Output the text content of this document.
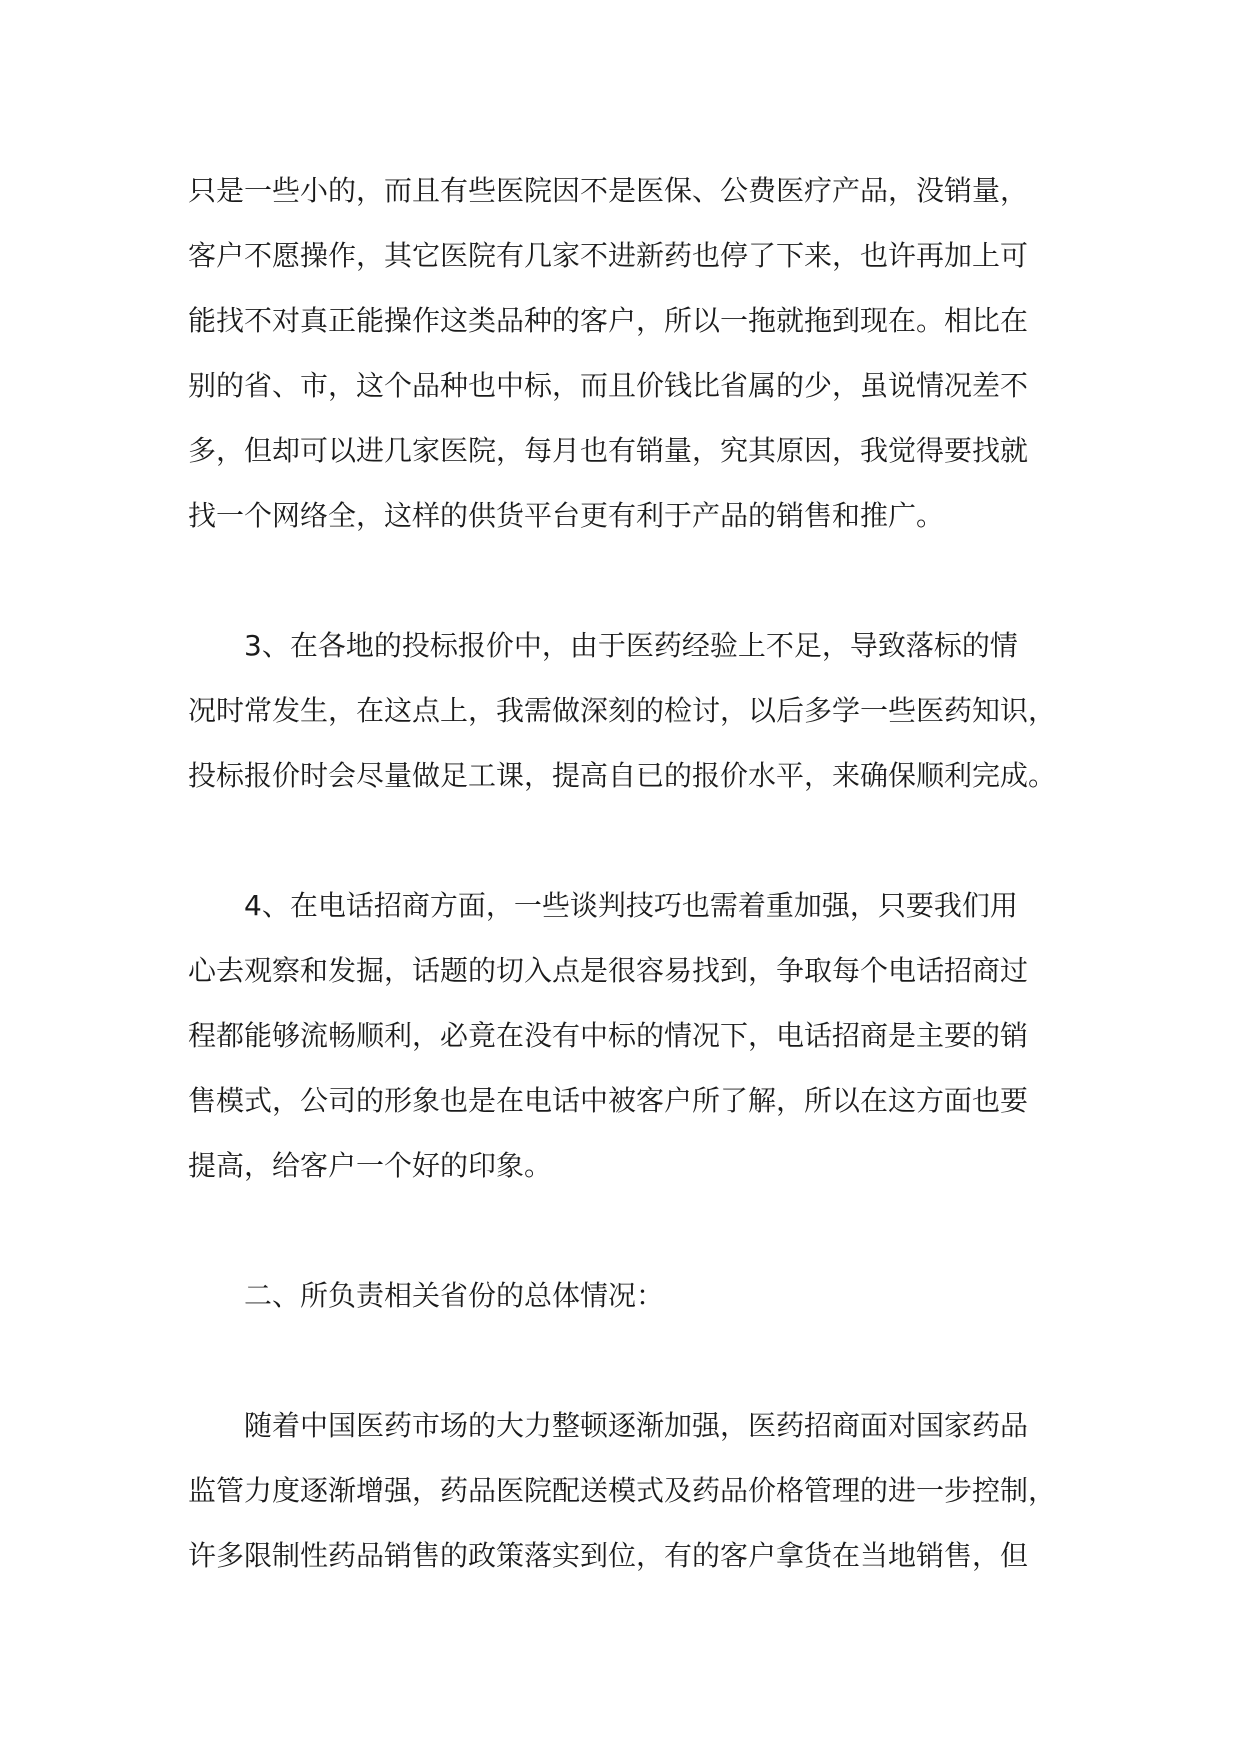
只是一些小的，而且有些医院因不是医保、公费医疗产品，没销量，
客户不愿操作，其它医院有几家不进新药也停了下来，也许再加上可
能找不对真正能操作这类品种的客户，所以一拖就拖到现在。相比在
别的省、市，这个品种也中标，而且价钱比省属的少，虽说情况差不
多，但却可以进几家医院，每月也有销量，究其原因，我觉得要找就
找一个网络全，这样的供货平台更有利于产品的销售和推广。
3、在各地的投标报价中，由于医药经验上不足，导致落标的情
况时常发生，在这点上，我需做深刻的检讨，以后多学一些医药知识，
投标报价时会尽量做足工课，提高自已的报价水平，来确保顺利完成。
4、在电话招商方面，一些谈判技巧也需着重加强，只要我们用
心去观察和发掘，话题的切入点是很容易找到，争取每个电话招商过
程都能够流畅顺利，必竟在没有中标的情况下，电话招商是主要的销
售模式，公司的形象也是在电话中被客户所了解，所以在这方面也要
提高，给客户一个好的印象。
二、所负责相关省份的总体情况：
随着中国医药市场的大力整顿逐渐加强，医药招商面对国家药品
监管力度逐渐增强，药品医院配送模式及药品价格管理的进一步控制，
许多限制性药品销售的政策落实到位，有的客户拿货在当地销售，但
